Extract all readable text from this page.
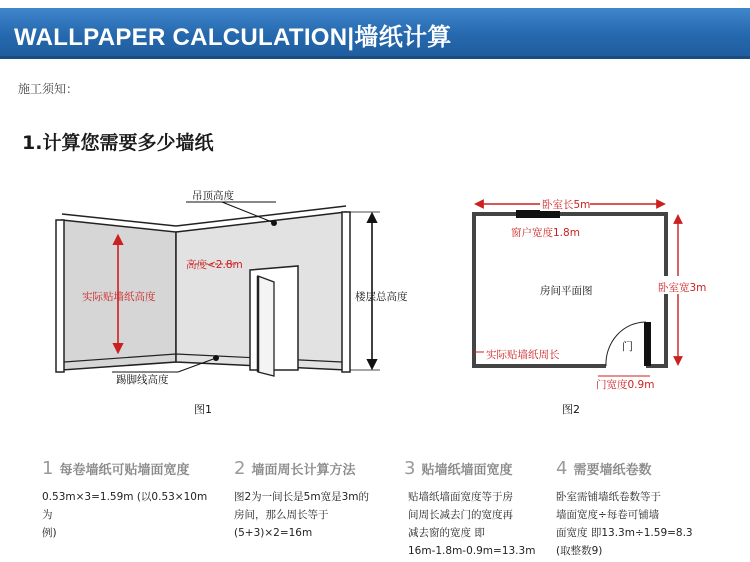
WALLPAPER CALCULATION|墙纸计算
施工须知：
1.计算您需要多少墙纸
吊顶高度
高度<2.8m
实际贴墙纸高度	楼层总高度
踢脚线高度
图1
卧室长5m
窗户宽度1.8m
卧室宽3m
房间平面图
实际贴墙纸周长
门
门宽度0.9m
图2
1 每卷墙纸可贴墙面宽度
0.53m×3=1.59m (以0.53×10m为
例)
2 墙面周长计算方法
图2为一间长是5m宽是3m的
房间，那么周长等于
(5+3)×2=16m
3 贴墙纸墙面宽度
贴墙纸墙面宽度等于房
间周长减去门的宽度再
减去窗的宽度 即
16m-1.8m-0.9m=13.3m
4 需要墙纸卷数
卧室需铺墙纸卷数等于
墙面宽度÷每卷可铺墙
面宽度 即13.3m÷1.59=8.3
(取整数9)
